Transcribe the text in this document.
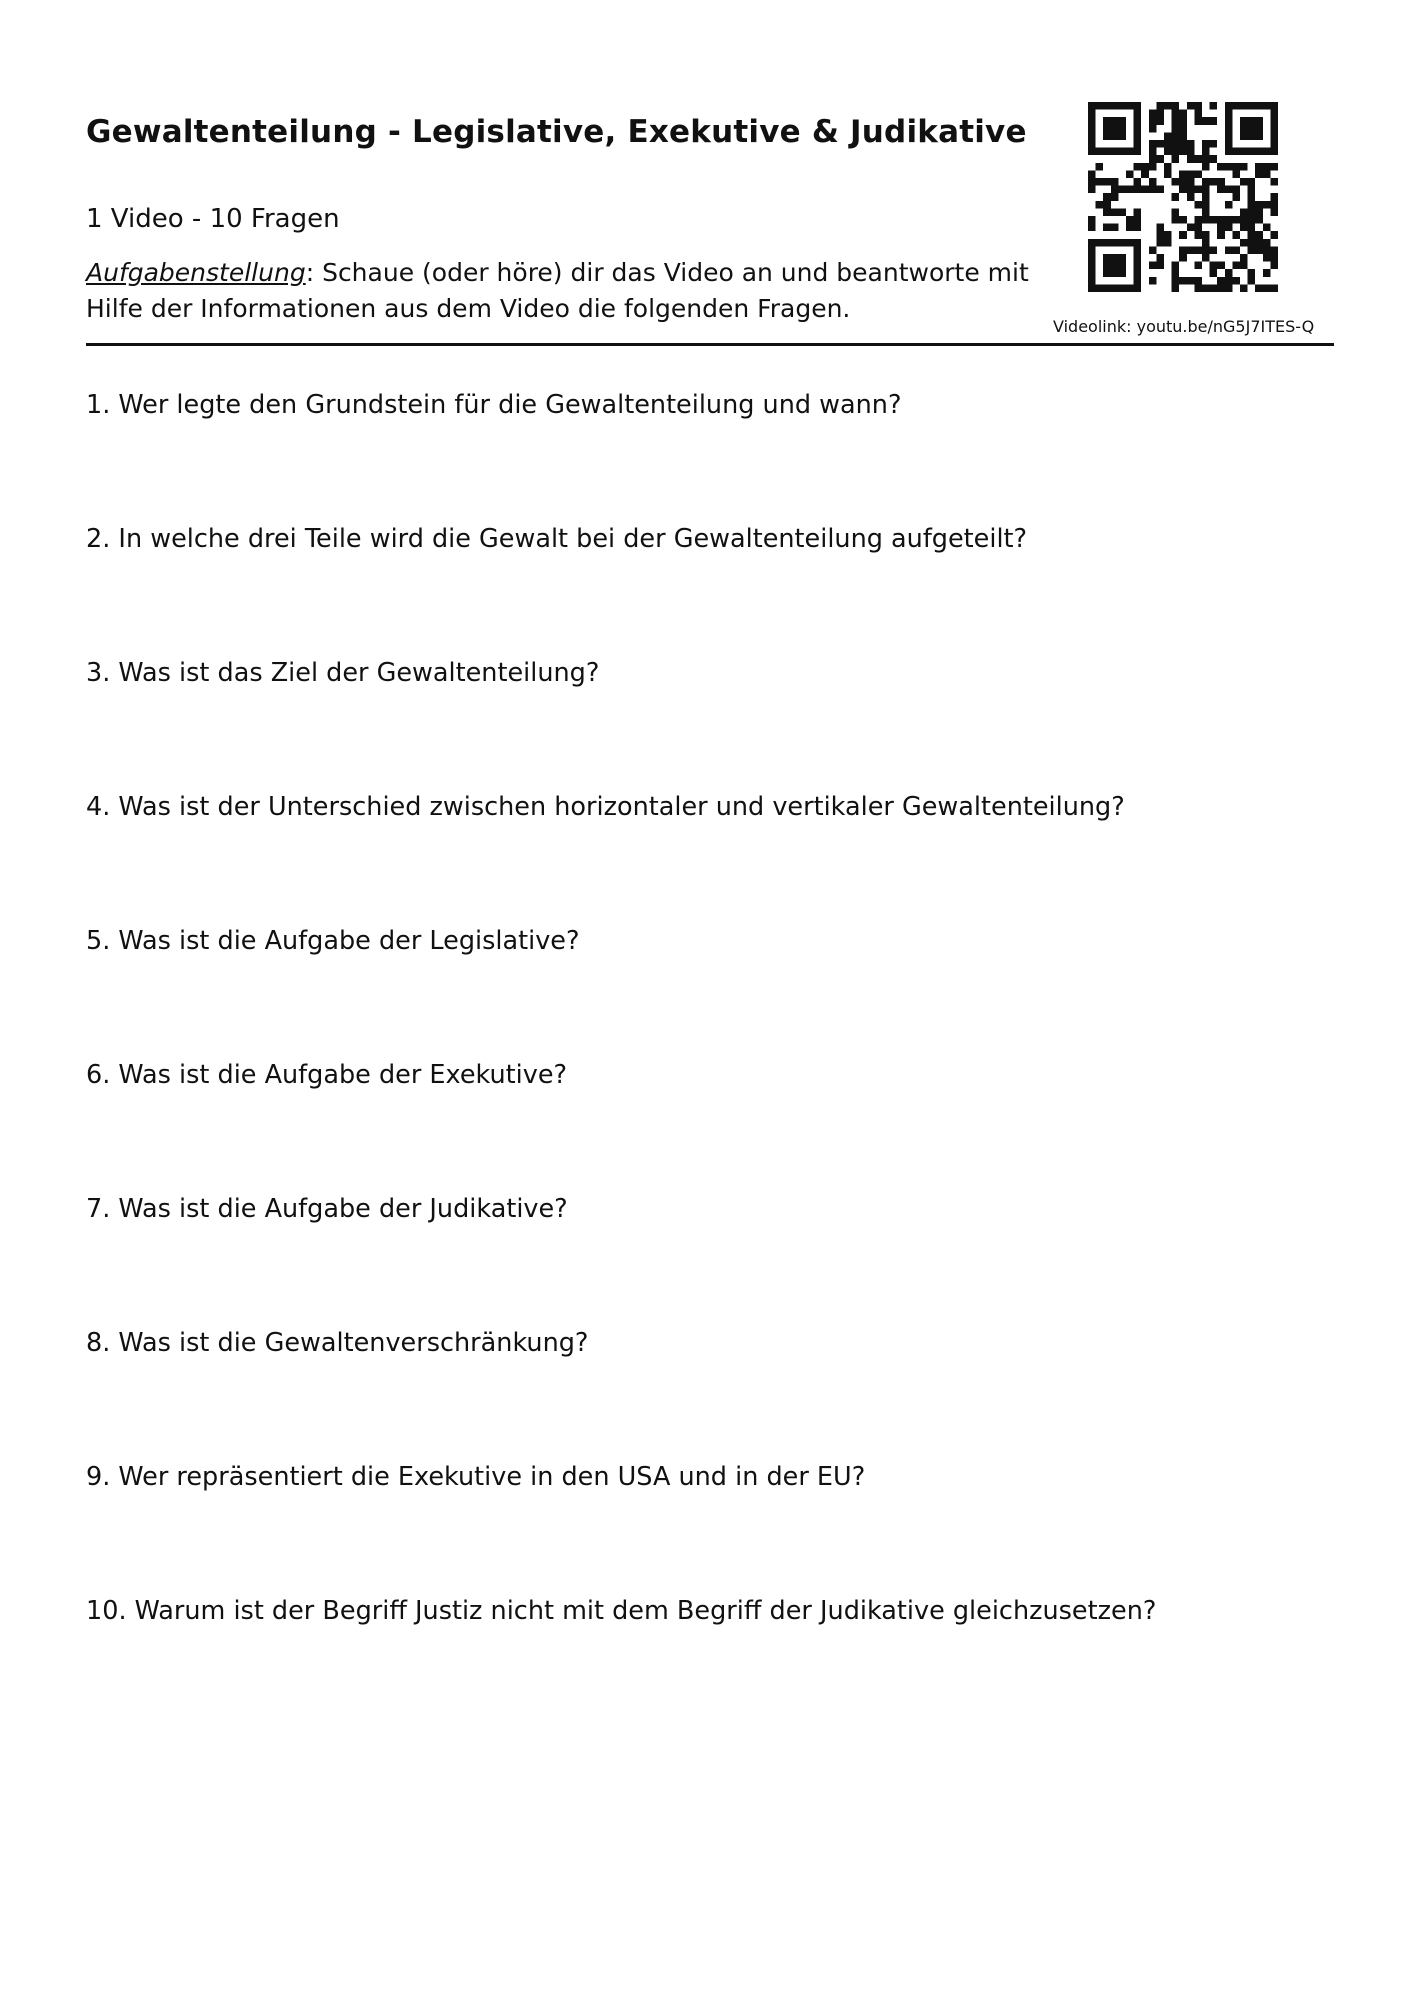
Gewaltenteilung - Legislative, Exekutive & Judikative
1 Video - 10 Fragen
Aufgabenstellung: Schaue (oder höre) dir das Video an und beantworte mit Hilfe der Informationen aus dem Video die folgenden Fragen.
Videolink: youtu.be/nG5J7ITES-Q
1. Wer legte den Grundstein für die Gewaltenteilung und wann?
2. In welche drei Teile wird die Gewalt bei der Gewaltenteilung aufgeteilt?
3. Was ist das Ziel der Gewaltenteilung?
4. Was ist der Unterschied zwischen horizontaler und vertikaler Gewaltenteilung?
5. Was ist die Aufgabe der Legislative?
6. Was ist die Aufgabe der Exekutive?
7. Was ist die Aufgabe der Judikative?
8. Was ist die Gewaltenverschränkung?
9. Wer repräsentiert die Exekutive in den USA und in der EU?
10. Warum ist der Begriff Justiz nicht mit dem Begriff der Judikative gleichzusetzen?
